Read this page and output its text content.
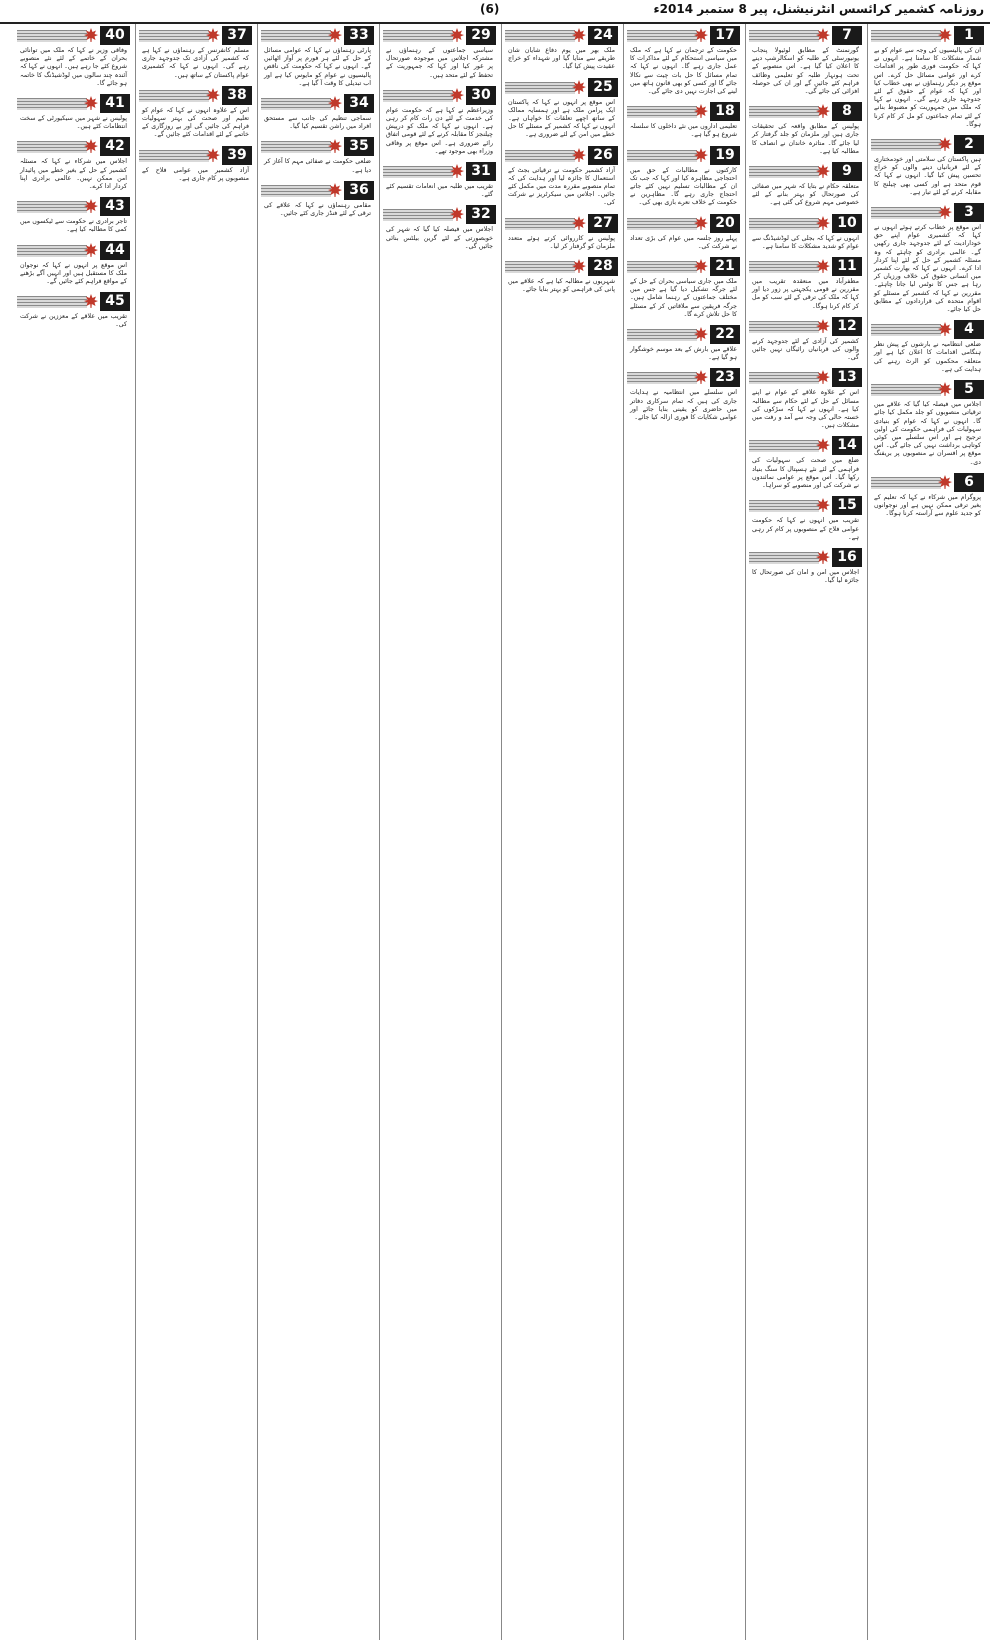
روزنامہ کشمیر کرائسس انٹرنیشنل، پیر 8 ستمبر 2014ء
(6)
1
ان کی پالیسیوں کی وجہ سے عوام کو بے شمار مشکلات کا سامنا ہے۔ انہوں نے کہا کہ حکومت فوری طور پر اقدامات کرے اور عوامی مسائل حل کرے۔ اس موقع پر دیگر رہنماؤں نے بھی خطاب کیا اور کہا کہ عوام کے حقوق کے لئے جدوجہد جاری رہے گی۔ انہوں نے کہا کہ ملک میں جمہوریت کو مضبوط بنانے کے لئے تمام جماعتوں کو مل کر کام کرنا ہوگا۔
2
ہیں پاکستان کی سلامتی اور خودمختاری کے لئے قربانیاں دینے والوں کو خراج تحسین پیش کیا گیا۔ انہوں نے کہا کہ قوم متحد ہے اور کسی بھی چیلنج کا مقابلہ کرنے کے لئے تیار ہے۔
3
اس موقع پر خطاب کرتے ہوئے انہوں نے کہا کہ کشمیری عوام اپنے حق خودارادیت کے لئے جدوجہد جاری رکھیں گے۔ عالمی برادری کو چاہئے کہ وہ مسئلہ کشمیر کے حل کے لئے اپنا کردار ادا کرے۔ انہوں نے کہا کہ بھارت کشمیر میں انسانی حقوق کی خلاف ورزیاں کر رہا ہے جس کا نوٹس لیا جانا چاہئے۔ مقررین نے کہا کہ کشمیر کے مسئلے کو اقوام متحدہ کی قراردادوں کے مطابق حل کیا جائے۔
4
ضلعی انتظامیہ نے بارشوں کے پیش نظر ہنگامی اقدامات کا اعلان کیا ہے اور متعلقہ محکموں کو الرٹ رہنے کی ہدایت کی ہے۔
5
اجلاس میں فیصلہ کیا گیا کہ علاقے میں ترقیاتی منصوبوں کو جلد مکمل کیا جائے گا۔ انہوں نے کہا کہ عوام کو بنیادی سہولیات کی فراہمی حکومت کی اولین ترجیح ہے اور اس سلسلے میں کوئی کوتاہی برداشت نہیں کی جائے گی۔ اس موقع پر افسران نے منصوبوں پر بریفنگ دی۔
6
پروگرام میں شرکاء نے کہا کہ تعلیم کے بغیر ترقی ممکن نہیں ہے اور نوجوانوں کو جدید علوم سے آراستہ کرنا ہوگا۔
7
گورنمنٹ کے مطابق لوئیولا پنجاب یونیورسٹی کے طلبہ کو اسکالرشپ دینے کا اعلان کیا گیا ہے۔ اس منصوبے کے تحت ہونہار طلبہ کو تعلیمی وظائف فراہم کئے جائیں گے اور ان کی حوصلہ افزائی کی جائے گی۔
8
پولیس کے مطابق واقعہ کی تحقیقات جاری ہیں اور ملزمان کو جلد گرفتار کر لیا جائے گا۔ متاثرہ خاندان نے انصاف کا مطالبہ کیا ہے۔
9
متعلقہ حکام نے بتایا کہ شہر میں صفائی کی صورتحال کو بہتر بنانے کے لئے خصوصی مہم شروع کی گئی ہے۔
10
انہوں نے کہا کہ بجلی کی لوڈشیڈنگ سے عوام کو شدید مشکلات کا سامنا ہے۔
11
مظفرآباد میں منعقدہ تقریب میں مقررین نے قومی یکجہتی پر زور دیا اور کہا کہ ملک کی ترقی کے لئے سب کو مل کر کام کرنا ہوگا۔
12
کشمیر کی آزادی کے لئے جدوجہد کرنے والوں کی قربانیاں رائیگاں نہیں جائیں گی۔
13
اس کے علاوہ علاقے کے عوام نے اپنے مسائل کے حل کے لئے حکام سے مطالبہ کیا ہے۔ انہوں نے کہا کہ سڑکوں کی خستہ حالی کی وجہ سے آمد و رفت میں مشکلات ہیں۔
14
ضلع میں صحت کی سہولیات کی فراہمی کے لئے نئے ہسپتال کا سنگ بنیاد رکھا گیا۔ اس موقع پر عوامی نمائندوں نے شرکت کی اور منصوبے کو سراہا۔
15
تقریب میں انہوں نے کہا کہ حکومت عوامی فلاح کے منصوبوں پر کام کر رہی ہے۔
16
اجلاس میں امن و امان کی صورتحال کا جائزہ لیا گیا۔
17
حکومت کے ترجمان نے کہا ہے کہ ملک میں سیاسی استحکام کے لئے مذاکرات کا عمل جاری رہے گا۔ انہوں نے کہا کہ تمام مسائل کا حل بات چیت سے نکالا جائے گا اور کسی کو بھی قانون ہاتھ میں لینے کی اجازت نہیں دی جائے گی۔
18
تعلیمی اداروں میں نئے داخلوں کا سلسلہ شروع ہو گیا ہے۔
19
کارکنوں نے مطالبات کے حق میں احتجاجی مظاہرہ کیا اور کہا کہ جب تک ان کے مطالبات تسلیم نہیں کئے جاتے احتجاج جاری رہے گا۔ مظاہرین نے حکومت کے خلاف نعرے بازی بھی کی۔
20
پہلے روز جلسہ میں عوام کی بڑی تعداد نے شرکت کی۔
21
ملک میں جاری سیاسی بحران کے حل کے لئے جرگہ تشکیل دیا گیا ہے جس میں مختلف جماعتوں کے رہنما شامل ہیں۔ جرگہ فریقین سے ملاقاتیں کر کے مسئلے کا حل تلاش کرے گا۔
22
علاقے میں بارش کے بعد موسم خوشگوار ہو گیا ہے۔
23
اس سلسلے میں انتظامیہ نے ہدایات جاری کی ہیں کہ تمام سرکاری دفاتر میں حاضری کو یقینی بنایا جائے اور عوامی شکایات کا فوری ازالہ کیا جائے۔
24
ملک بھر میں یوم دفاع شایان شان طریقے سے منایا گیا اور شہداء کو خراج عقیدت پیش کیا گیا۔
25
اس موقع پر انہوں نے کہا کہ پاکستان ایک پرامن ملک ہے اور ہمسایہ ممالک کے ساتھ اچھے تعلقات کا خواہاں ہے۔ انہوں نے کہا کہ کشمیر کے مسئلے کا حل خطے میں امن کے لئے ضروری ہے۔
26
آزاد کشمیر حکومت نے ترقیاتی بجٹ کے استعمال کا جائزہ لیا اور ہدایت کی کہ تمام منصوبے مقررہ مدت میں مکمل کئے جائیں۔ اجلاس میں سیکرٹریز نے شرکت کی۔
27
پولیس نے کارروائی کرتے ہوئے متعدد ملزمان کو گرفتار کر لیا۔
28
شہریوں نے مطالبہ کیا ہے کہ علاقے میں پانی کی فراہمی کو بہتر بنایا جائے۔
29
سیاسی جماعتوں کے رہنماؤں نے مشترکہ اجلاس میں موجودہ صورتحال پر غور کیا اور کہا کہ جمہوریت کے تحفظ کے لئے متحد ہیں۔
30
وزیراعظم نے کہا ہے کہ حکومت عوام کی خدمت کے لئے دن رات کام کر رہی ہے۔ انہوں نے کہا کہ ملک کو درپیش چیلنجز کا مقابلہ کرنے کے لئے قومی اتفاق رائے ضروری ہے۔ اس موقع پر وفاقی وزراء بھی موجود تھے۔
31
تقریب میں طلبہ میں انعامات تقسیم کئے گئے۔
32
اجلاس میں فیصلہ کیا گیا کہ شہر کی خوبصورتی کے لئے گرین بیلٹس بنائی جائیں گی۔
33
پارٹی رہنماؤں نے کہا کہ عوامی مسائل کے حل کے لئے ہر فورم پر آواز اٹھائیں گے۔ انہوں نے کہا کہ حکومت کی ناقص پالیسیوں نے عوام کو مایوس کیا ہے اور اب تبدیلی کا وقت آ گیا ہے۔
34
سماجی تنظیم کی جانب سے مستحق افراد میں راشن تقسیم کیا گیا۔
35
ضلعی حکومت نے صفائی مہم کا آغاز کر دیا ہے۔
36
مقامی رہنماؤں نے کہا کہ علاقے کی ترقی کے لئے فنڈز جاری کئے جائیں۔
37
مسلم کانفرنس کے رہنماؤں نے کہا ہے کہ کشمیر کی آزادی تک جدوجہد جاری رہے گی۔ انہوں نے کہا کہ کشمیری عوام پاکستان کے ساتھ ہیں۔
38
اس کے علاوہ انہوں نے کہا کہ عوام کو تعلیم اور صحت کی بہتر سہولیات فراہم کی جائیں گی اور بے روزگاری کے خاتمے کے لئے اقدامات کئے جائیں گے۔
39
آزاد کشمیر میں عوامی فلاح کے منصوبوں پر کام جاری ہے۔
40
وفاقی وزیر نے کہا کہ ملک میں توانائی بحران کے خاتمے کے لئے نئے منصوبے شروع کئے جا رہے ہیں۔ انہوں نے کہا کہ آئندہ چند سالوں میں لوڈشیڈنگ کا خاتمہ ہو جائے گا۔
41
پولیس نے شہر میں سیکیورٹی کے سخت انتظامات کئے ہیں۔
42
اجلاس میں شرکاء نے کہا کہ مسئلہ کشمیر کے حل کے بغیر خطے میں پائیدار امن ممکن نہیں۔ عالمی برادری اپنا کردار ادا کرے۔
43
تاجر برادری نے حکومت سے ٹیکسوں میں کمی کا مطالبہ کیا ہے۔
44
اس موقع پر انہوں نے کہا کہ نوجوان ملک کا مستقبل ہیں اور انہیں آگے بڑھنے کے مواقع فراہم کئے جائیں گے۔
45
تقریب میں علاقے کے معززین نے شرکت کی۔
